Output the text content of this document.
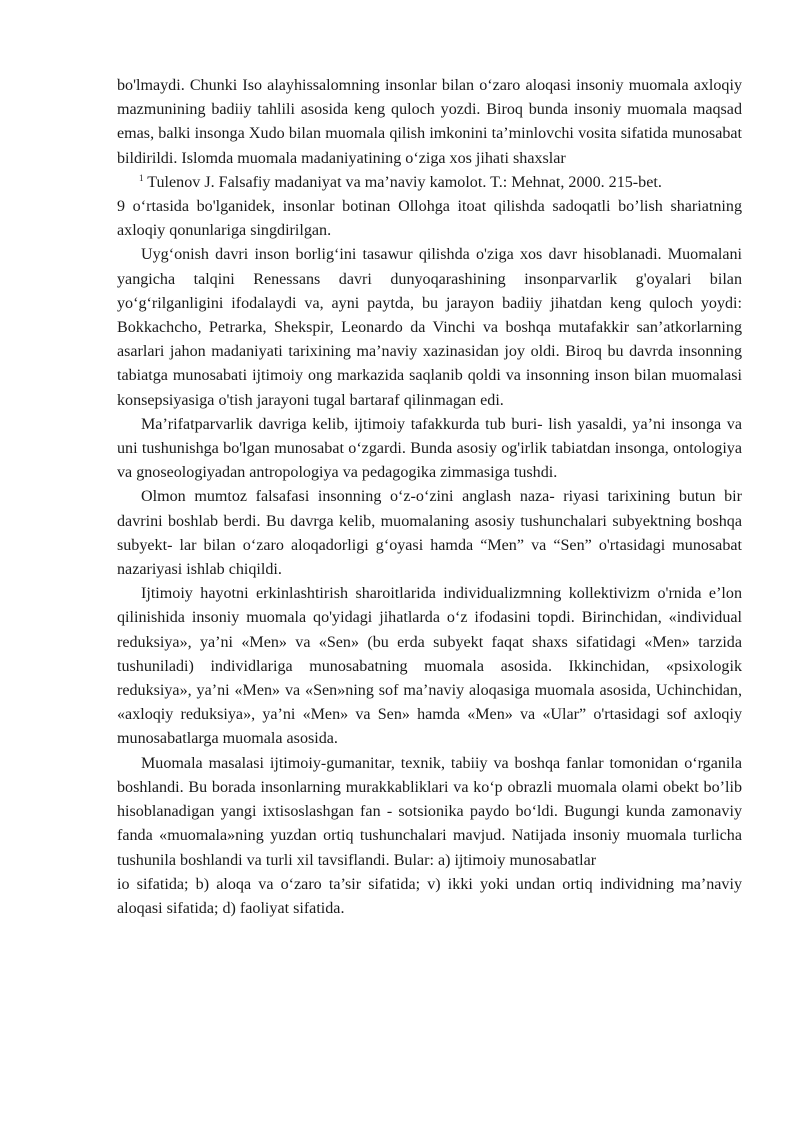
bo'lmaydi. Chunki Iso alayhissalomning insonlar bilan o‘zaro aloqasi insoniy muomala axloqiy mazmunining badiiy tahlili asosida keng quloch yozdi. Biroq bunda insoniy muomala maqsad emas, balki insonga Xudo bilan muomala qilish imkonini ta’minlovchi vosita sifatida munosabat bildirildi. Islomda muomala madaniyatining o‘ziga xos jihati shaxslar

$^1$ Tulenov J. Falsafiy madaniyat va ma’naviy kamolot. T.: Mehnat, 2000. 215-bet.

9 o‘rtasida bo'lganidek, insonlar botinan Ollohga itoat qilishda sadoqatli bo’lish shariatning axloqiy qonunlariga singdirilgan.

Uyg‘onish davri inson borlig‘ini tasawur qilishda o'ziga xos davr hisoblanadi. Muomalani yangicha talqini Renessans davri dunyoqarashining insonparvarlik g'oyalari bilan yo‘g‘rilganligini ifodalaydi va, ayni paytda, bu jarayon badiiy jihatdan keng quloch yoydi: Bokkachcho, Petrarka, Shekspir, Leonardo da Vinchi va boshqa mutafakkir san’atkorlarning asarlari jahon madaniyati tarixining ma’naviy xazinasidan joy oldi. Biroq bu davrda insonning tabiatga munosabati ijtimoiy ong markazida saqlanib qoldi va insonning inson bilan muomalasi konsepsiyasiga o'tish jarayoni tugal bartaraf qilinmagan edi.

Ma’rifatparvarlik davriga kelib, ijtimoiy tafakkurda tub buri- lish yasaldi, ya’ni insonga va uni tushunishga bo'lgan munosabat o‘zgardi. Bunda asosiy og'irlik tabiatdan insonga, ontologiya va gnoseologiyadan antropologiya va pedagogika zimmasiga tushdi.

Olmon mumtoz falsafasi insonning o‘z-o‘zini anglash naza- riyasi tarixining butun bir davrini boshlab berdi. Bu davrga kelib, muomalaning asosiy tushunchalari subyektning boshqa subyekt- lar bilan o‘zaro aloqadorligi g‘oyasi hamda “Men” va “Sen” o'rtasidagi munosabat nazariyasi ishlab chiqildi.

Ijtimoiy hayotni erkinlashtirish sharoitlarida individualizmning kollektivizm o'rnida e’lon qilinishida insoniy muomala qo'yidagi jihatlarda o‘z ifodasini topdi. Birinchidan, «individual reduksiya», ya’ni «Men» va «Sen» (bu erda subyekt faqat shaxs sifatidagi «Men» tarzida tushuniladi) individlariga munosabatning muomala asosida. Ikkinchidan, «psixologik reduksiya», ya’ni «Men» va «Sen»ning sof ma’naviy aloqasiga muomala asosida, Uchinchidan, «axloqiy reduksiya», ya’ni «Men» va Sen» hamda «Men» va «Ular” o'rtasidagi sof axloqiy munosabatlarga muomala asosida.

Muomala masalasi ijtimoiy-gumanitar, texnik, tabiiy va boshqa fanlar tomonidan o‘rganila boshlandi. Bu borada insonlarning murakkabliklari va ko‘p obrazli muomala olami obekt bo’lib hisoblanadigan yangi ixtisoslashgan fan - sotsionika paydo bo‘ldi. Bugungi kunda zamonaviy fanda «muomala»ning yuzdan ortiq tushunchalari mavjud. Natijada insoniy muomala turlicha tushunila boshlandi va turli xil tavsiflandi. Bular: a) ijtimoiy munosabatlar

io sifatida; b) aloqa va o‘zaro ta’sir sifatida; v) ikki yoki undan ortiq individning ma’naviy aloqasi sifatida; d) faoliyat sifatida.
